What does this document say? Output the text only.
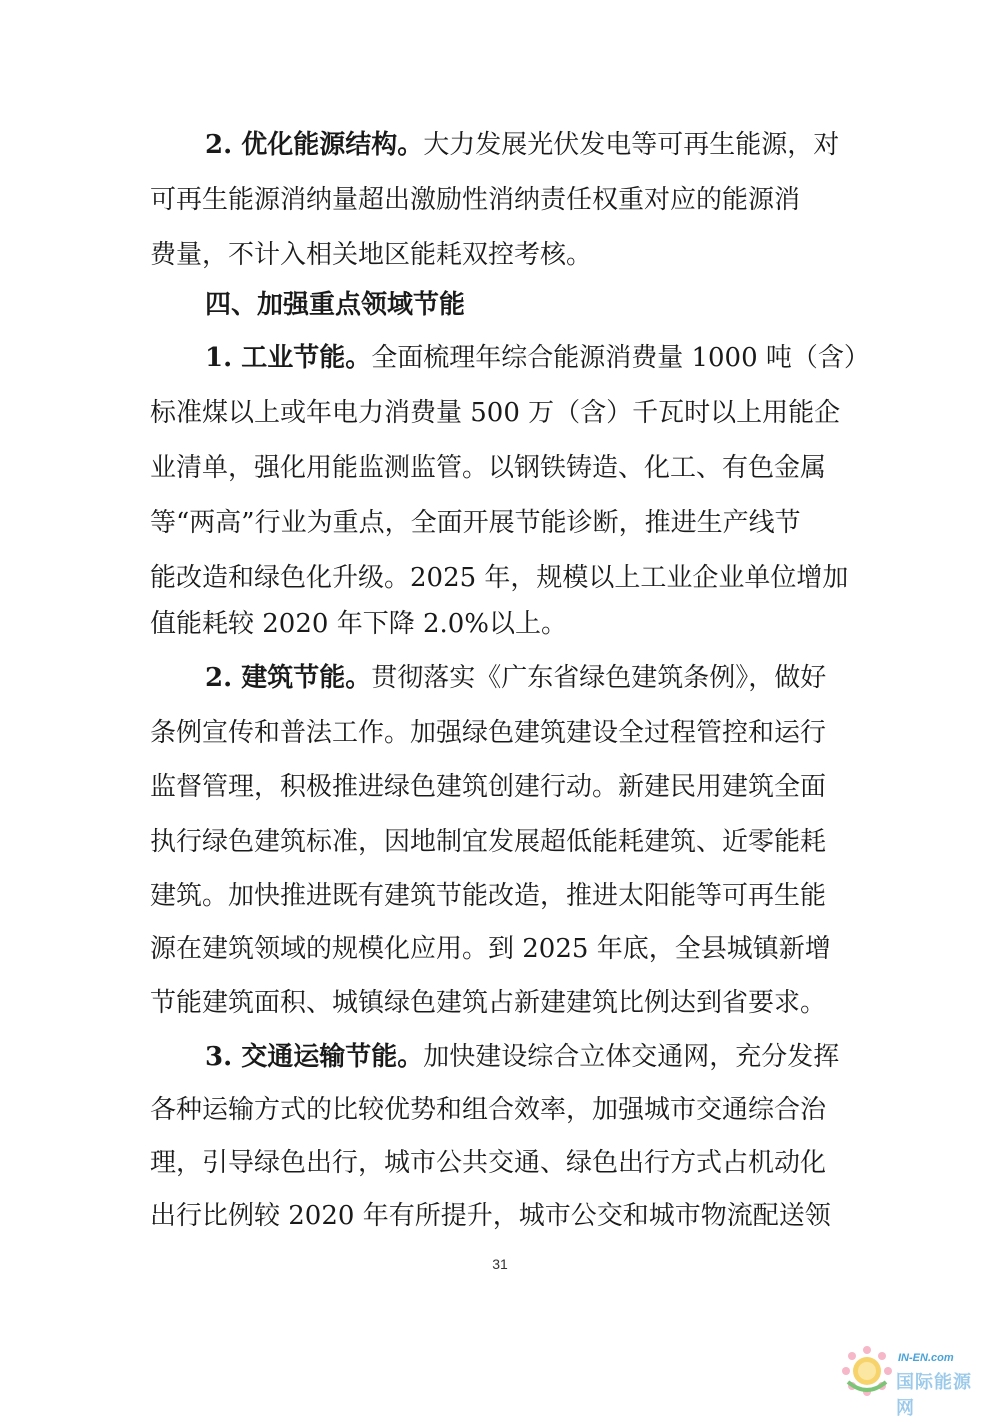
2. 优化能源结构。大力发展光伏发电等可再生能源，对
可再生能源消纳量超出激励性消纳责任权重对应的能源消
费量，不计入相关地区能耗双控考核。
四、加强重点领域节能
1. 工业节能。全面梳理年综合能源消费量 1000 吨（含）
标准煤以上或年电力消费量 500 万（含）千瓦时以上用能企
业清单，强化用能监测监管。以钢铁铸造、化工、有色金属
等“两高”行业为重点，全面开展节能诊断，推进生产线节
能改造和绿色化升级。2025 年，规模以上工业企业单位增加
值能耗较 2020 年下降 2.0%以上。
2. 建筑节能。贯彻落实《广东省绿色建筑条例》，做好
条例宣传和普法工作。加强绿色建筑建设全过程管控和运行
监督管理，积极推进绿色建筑创建行动。新建民用建筑全面
执行绿色建筑标准，因地制宜发展超低能耗建筑、近零能耗
建筑。加快推进既有建筑节能改造，推进太阳能等可再生能
源在建筑领域的规模化应用。到 2025 年底，全县城镇新增
节能建筑面积、城镇绿色建筑占新建建筑比例达到省要求。
3. 交通运输节能。加快建设综合立体交通网，充分发挥
各种运输方式的比较优势和组合效率，加强城市交通综合治
理，引导绿色出行，城市公共交通、绿色出行方式占机动化
出行比例较 2020 年有所提升，城市公交和城市物流配送领
31
IN-EN.com
国际能源网
